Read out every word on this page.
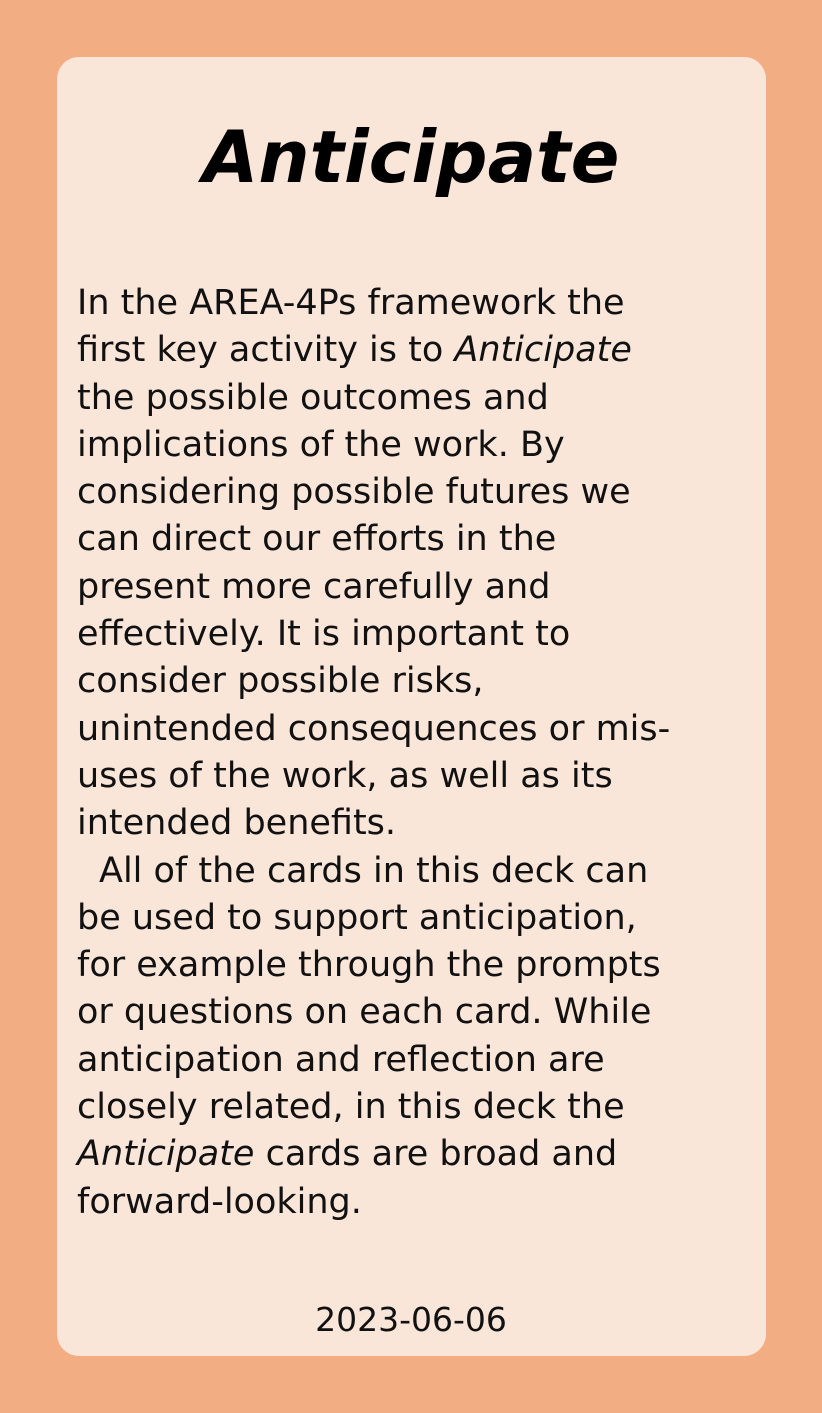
Anticipate

In the AREA-4Ps framework the
first key activity is to Anticipate
the possible outcomes and
implications of the work. By
considering possible futures we
can direct our efforts in the
present more carefully and
effectively. It is important to
consider possible risks,
unintended consequences or mis-
uses of the work, as well as its
intended benefits.

All of the cards in this deck can
be used to support anticipation,
for example through the prompts
or questions on each card. While
anticipation and reflection are
closely related, in this deck the
Anticipate cards are broad and
forward-looking.

2023-06-06
